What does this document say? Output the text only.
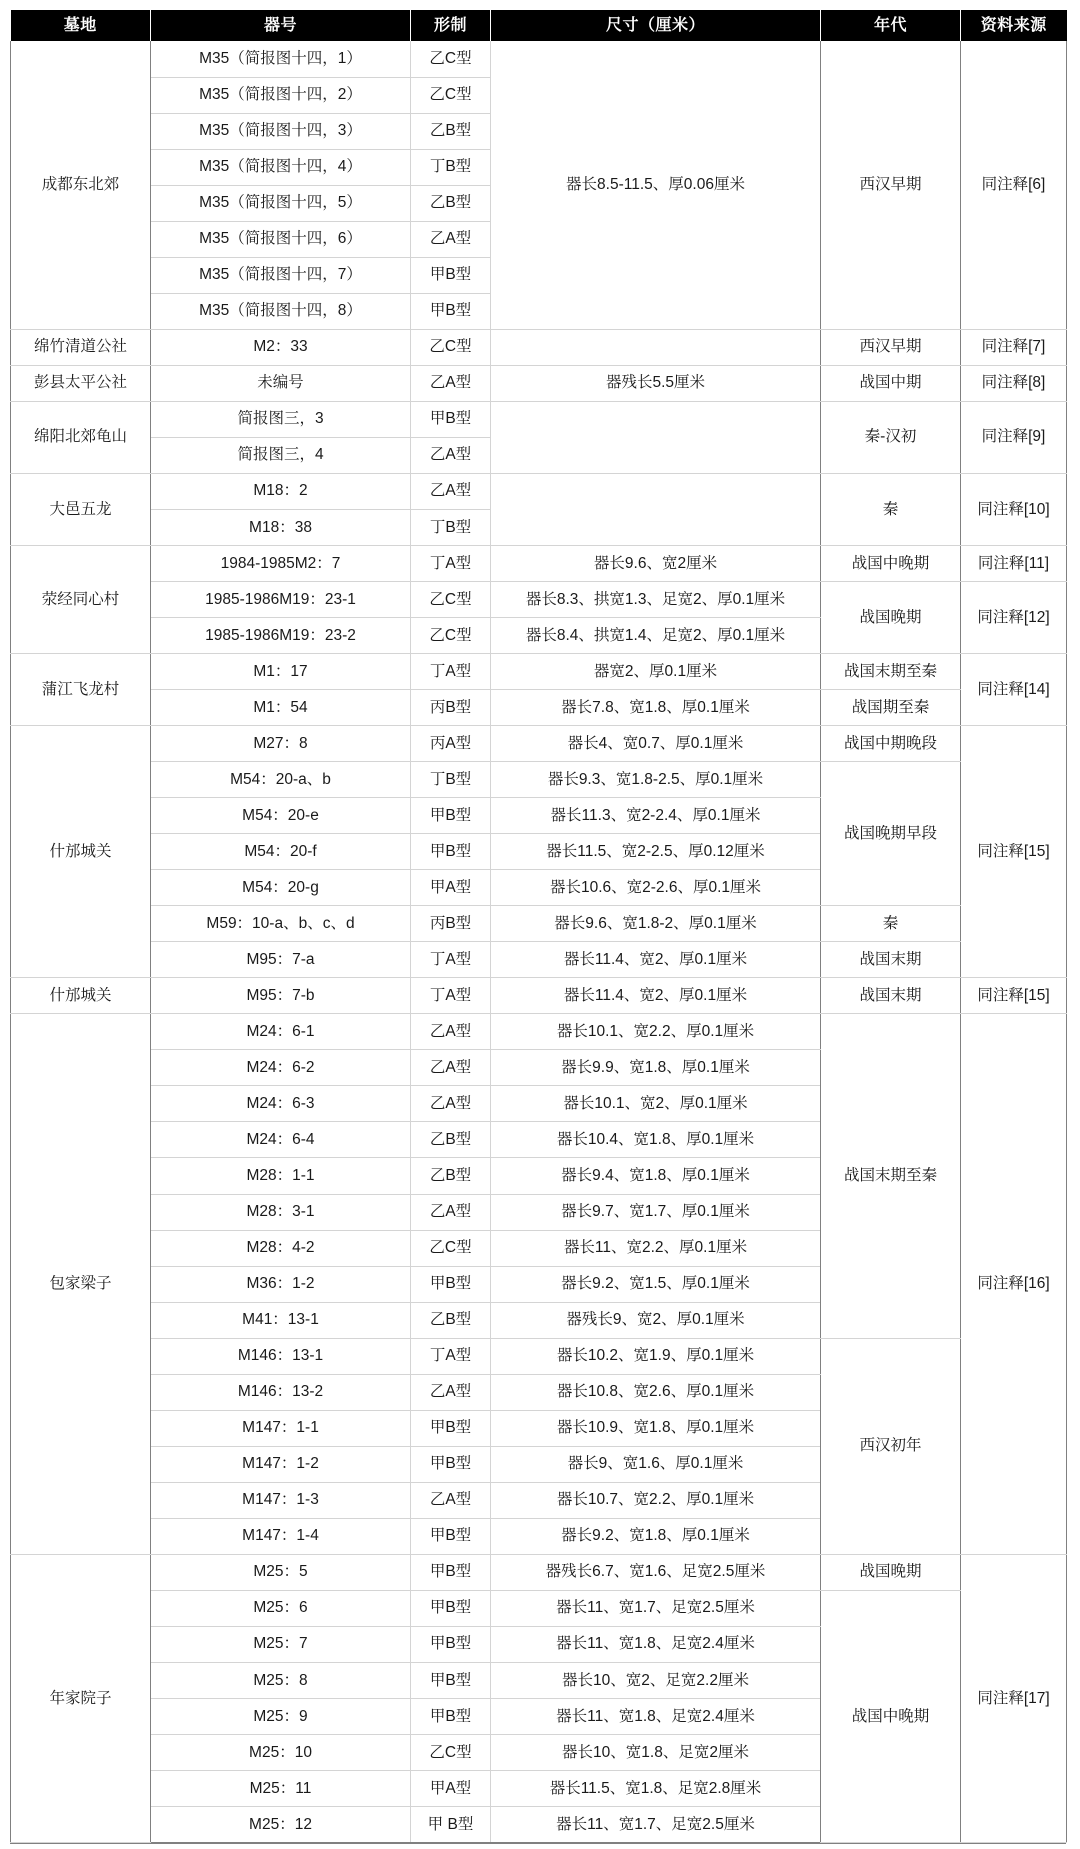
墓地	器号	形制	尺寸（厘米）	年代	资料来源
成都东北郊	M35（简报图十四，1）	乙C型	器长8.5-11.5、厚0.06厘米	西汉早期	同注释[6]
	M35（简报图十四，2）	乙C型			
	M35（简报图十四，3）	乙B型			
	M35（简报图十四，4）	丁B型			
	M35（简报图十四，5）	乙B型			
	M35（简报图十四，6）	乙A型			
	M35（简报图十四，7）	甲B型			
	M35（简报图十四，8）	甲B型			
绵竹清道公社	M2：33	乙C型		西汉早期	同注释[7]
彭县太平公社	未编号	乙A型	器残长5.5厘米	战国中期	同注释[8]
绵阳北郊龟山	简报图三，3	甲B型		秦-汉初	同注释[9]
	简报图三，4	乙A型			
大邑五龙	M18：2	乙A型		秦	同注释[10]
	M18：38	丁B型			
荥经同心村	1984-1985M2：7	丁A型	器长9.6、宽2厘米	战国中晚期	同注释[11]
	1985-1986M19：23-1	乙C型	器长8.3、拱宽1.3、足宽2、厚0.1厘米	战国晚期	同注释[12]
	1985-1986M19：23-2	乙C型	器长8.4、拱宽1.4、足宽2、厚0.1厘米		
蒲江飞龙村	M1：17	丁A型	器宽2、厚0.1厘米	战国末期至秦	同注释[14]
	M1：54	丙B型	器长7.8、宽1.8、厚0.1厘米	战国期至秦	
什邡城关	M27：8	丙A型	器长4、宽0.7、厚0.1厘米	战国中期晚段	同注释[15]
	M54：20-a、b	丁B型	器长9.3、宽1.8-2.5、厚0.1厘米	战国晚期早段	
	M54：20-e	甲B型	器长11.3、宽2-2.4、厚0.1厘米		
	M54：20-f	甲B型	器长11.5、宽2-2.5、厚0.12厘米		
	M54：20-g	甲A型	器长10.6、宽2-2.6、厚0.1厘米		
	M59：10-a、b、c、d	丙B型	器长9.6、宽1.8-2、厚0.1厘米	秦	
	M95：7-a	丁A型	器长11.4、宽2、厚0.1厘米	战国末期	
什邡城关	M95：7-b	丁A型	器长11.4、宽2、厚0.1厘米	战国末期	同注释[15]
包家梁子	M24：6-1	乙A型	器长10.1、宽2.2、厚0.1厘米	战国末期至秦	同注释[16]
	M24：6-2	乙A型	器长9.9、宽1.8、厚0.1厘米		
	M24：6-3	乙A型	器长10.1、宽2、厚0.1厘米		
	M24：6-4	乙B型	器长10.4、宽1.8、厚0.1厘米		
	M28：1-1	乙B型	器长9.4、宽1.8、厚0.1厘米		
	M28：3-1	乙A型	器长9.7、宽1.7、厚0.1厘米		
	M28：4-2	乙C型	器长11、宽2.2、厚0.1厘米		
	M36：1-2	甲B型	器长9.2、宽1.5、厚0.1厘米		
	M41：13-1	乙B型	器残长9、宽2、厚0.1厘米		
	M146：13-1	丁A型	器长10.2、宽1.9、厚0.1厘米	西汉初年	
	M146：13-2	乙A型	器长10.8、宽2.6、厚0.1厘米		
	M147：1-1	甲B型	器长10.9、宽1.8、厚0.1厘米		
	M147：1-2	甲B型	器长9、宽1.6、厚0.1厘米		
	M147：1-3	乙A型	器长10.7、宽2.2、厚0.1厘米		
	M147：1-4	甲B型	器长9.2、宽1.8、厚0.1厘米		
年家院子	M25：5	甲B型	器残长6.7、宽1.6、足宽2.5厘米	战国晚期	同注释[17]
	M25：6	甲B型	器长11、宽1.7、足宽2.5厘米	战国中晚期	
	M25：7	甲B型	器长11、宽1.8、足宽2.4厘米		
	M25：8	甲B型	器长10、宽2、足宽2.2厘米		
	M25：9	甲B型	器长11、宽1.8、足宽2.4厘米		
	M25：10	乙C型	器长10、宽1.8、足宽2厘米		
	M25：11	甲A型	器长11.5、宽1.8、足宽2.8厘米		
	M25：12	甲 B型	器长11、宽1.7、足宽2.5厘米		
